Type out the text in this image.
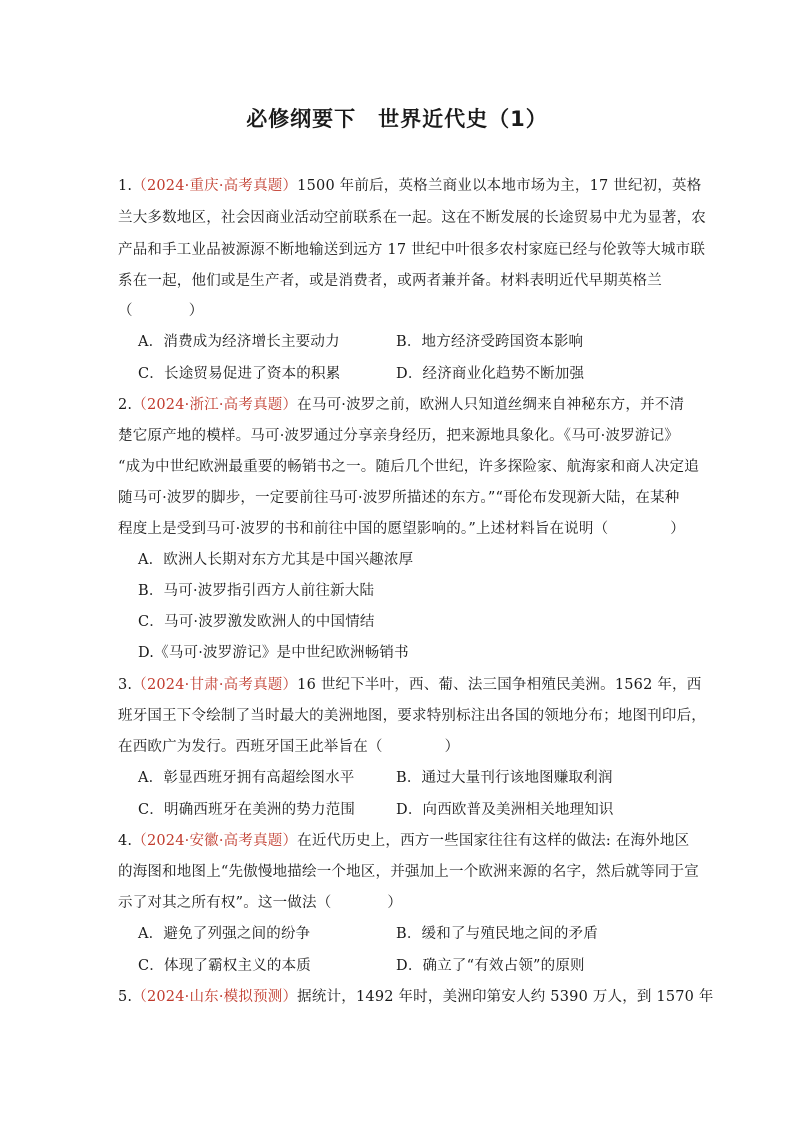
必修纲要下　世界近代史（1）
1.（2024·重庆·高考真题）1500 年前后，英格兰商业以本地市场为主，17 世纪初，英格
兰大多数地区，社会因商业活动空前联系在一起。这在不断发展的长途贸易中尤为显著，农
产品和手工业品被源源不断地输送到远方 17 世纪中叶很多农村家庭已经与伦敦等大城市联
系在一起，他们或是生产者，或是消费者，或两者兼并备。材料表明近代早期英格兰
（	）
A．消费成为经济增长主要动力	B．地方经济受跨国资本影响
C．长途贸易促进了资本的积累	D．经济商业化趋势不断加强
2.（2024·浙江·高考真题）在马可·波罗之前，欧洲人只知道丝绸来自神秘东方，并不清
楚它原产地的模样。马可·波罗通过分享亲身经历，把来源地具象化。《马可·波罗游记》
“成为中世纪欧洲最重要的畅销书之一。随后几个世纪，许多探险家、航海家和商人决定追
随马可·波罗的脚步，一定要前往马可·波罗所描述的东方。”“哥伦布发现新大陆，在某种
程度上是受到马可·波罗的书和前往中国的愿望影响的。”上述材料旨在说明（	）
A．欧洲人长期对东方尤其是中国兴趣浓厚
B．马可·波罗指引西方人前往新大陆
C．马可·波罗激发欧洲人的中国情结
D.《马可·波罗游记》是中世纪欧洲畅销书
3.（2024·甘肃·高考真题）16 世纪下半叶，西、葡、法三国争相殖民美洲。1562 年，西
班牙国王下令绘制了当时最大的美洲地图，要求特别标注出各国的领地分布；地图刊印后，
在西欧广为发行。西班牙国王此举旨在（	）
A．彰显西班牙拥有高超绘图水平	B．通过大量刊行该地图赚取利润
C．明确西班牙在美洲的势力范围	D．向西欧普及美洲相关地理知识
4.（2024·安徽·高考真题）在近代历史上，西方一些国家往往有这样的做法: 在海外地区
的海图和地图上“先傲慢地描绘一个地区，并强加上一个欧洲来源的名字，然后就等同于宣
示了对其之所有权”。这一做法（	）
A．避免了列强之间的纷争	B．缓和了与殖民地之间的矛盾
C．体现了霸权主义的本质	D．确立了“有效占领”的原则
5.（2024·山东·模拟预测）据统计，1492 年时，美洲印第安人约 5390 万人，到 1570 年
